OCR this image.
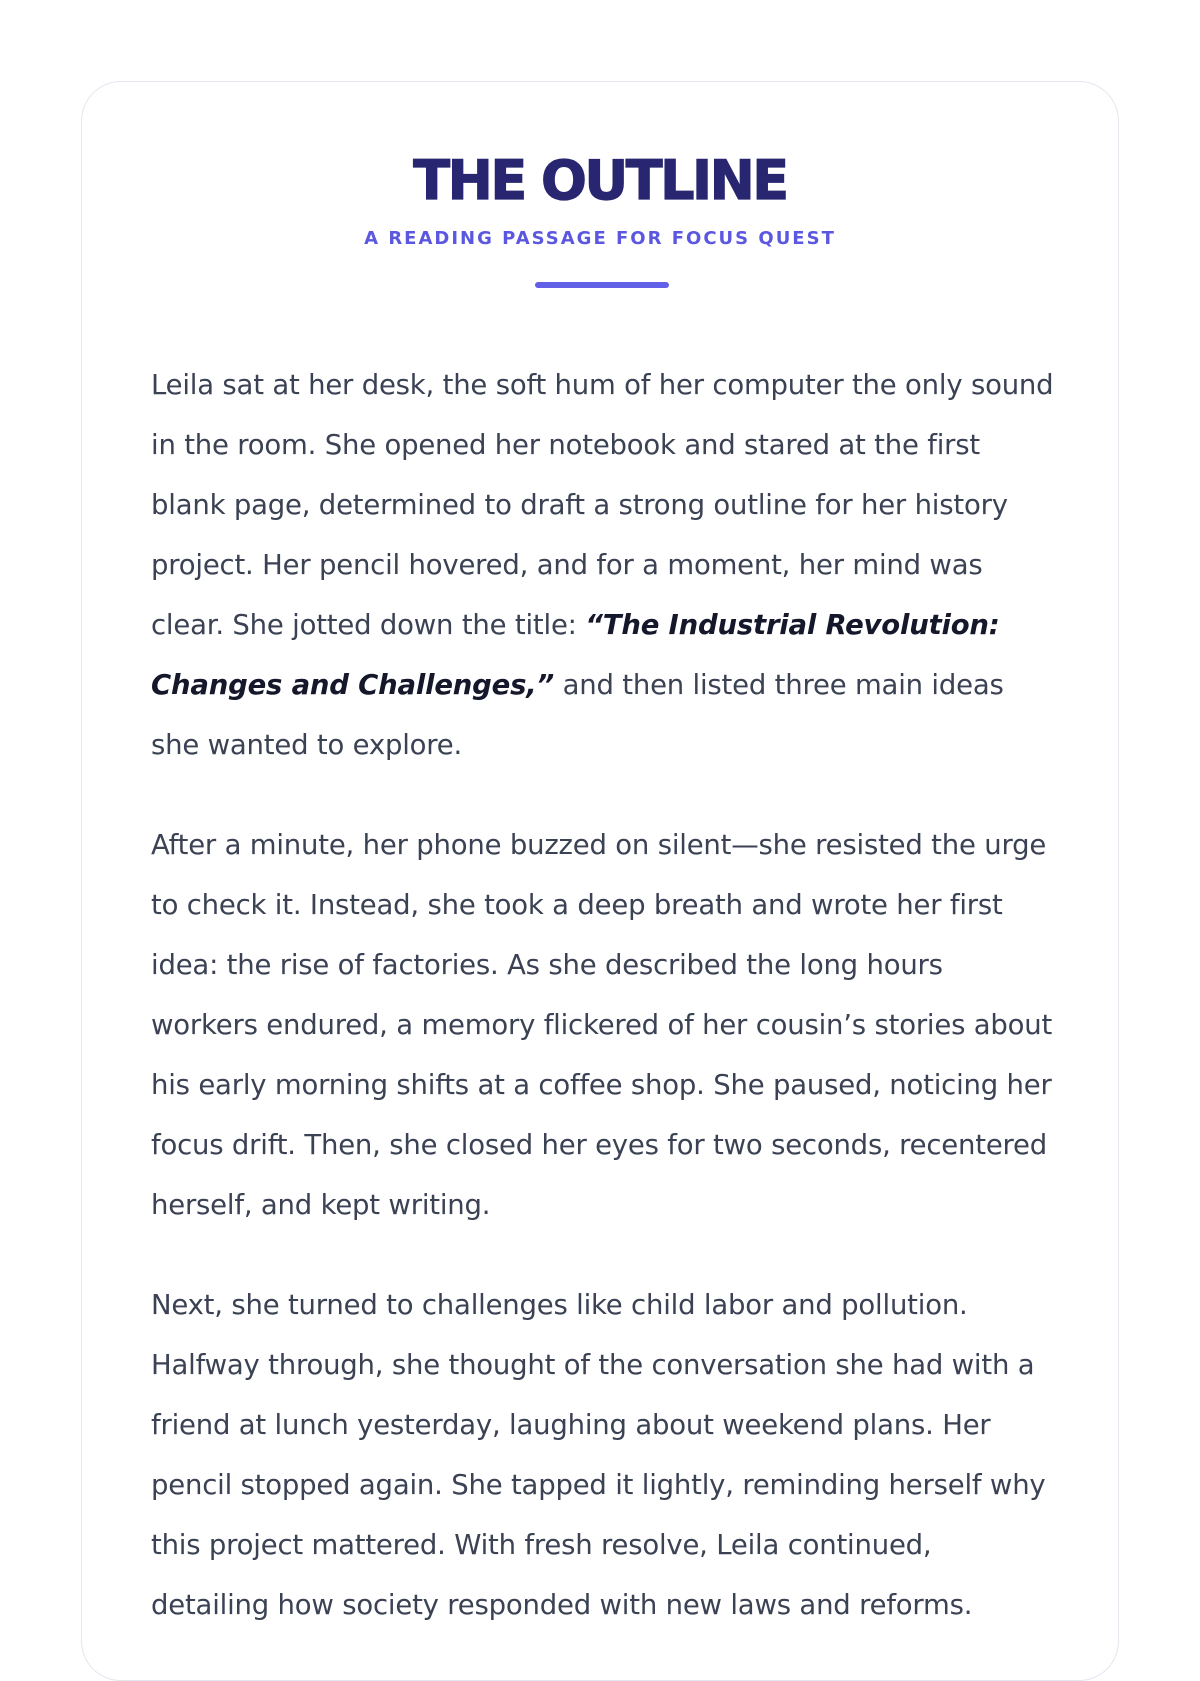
THE OUTLINE
A READING PASSAGE FOR FOCUS QUEST

Leila sat at her desk, the soft hum of her computer the only sound in the room. She opened her notebook and stared at the first blank page, determined to draft a strong outline for her history project. Her pencil hovered, and for a moment, her mind was clear. She jotted down the title: “The Industrial Revolution: Changes and Challenges,” and then listed three main ideas she wanted to explore.

After a minute, her phone buzzed on silent—she resisted the urge to check it. Instead, she took a deep breath and wrote her first idea: the rise of factories. As she described the long hours workers endured, a memory flickered of her cousin’s stories about his early morning shifts at a coffee shop. She paused, noticing her focus drift. Then, she closed her eyes for two seconds, recentered herself, and kept writing.

Next, she turned to challenges like child labor and pollution. Halfway through, she thought of the conversation she had with a friend at lunch yesterday, laughing about weekend plans. Her pencil stopped again. She tapped it lightly, reminding herself why this project mattered. With fresh resolve, Leila continued, detailing how society responded with new laws and reforms.
